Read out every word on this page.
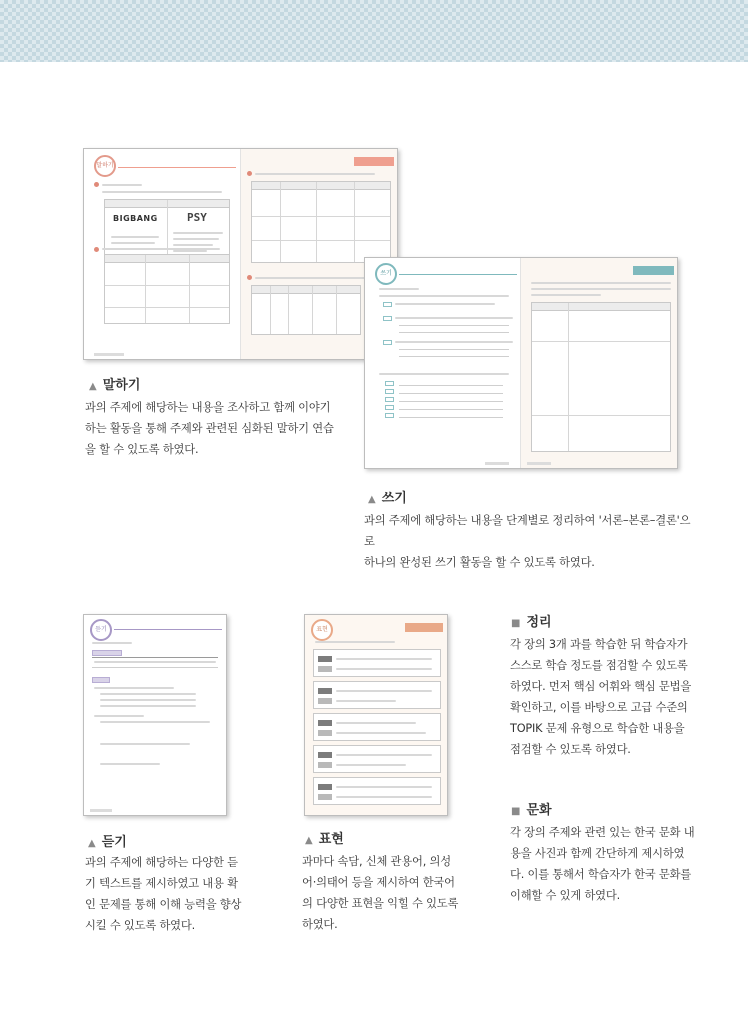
말하기
BIGBANG	PSY
쓰기
듣기	표현
▲ 말하기
과의 주제에 해당하는 내용을 조사하고 함께 이야기
하는 활동을 통해 주제와 관련된 심화된 말하기 연습
을 할 수 있도록 하였다.
▲ 쓰기
과의 주제에 해당하는 내용을 단계별로 정리하여 '서론–본론–결론'으로
하나의 완성된 쓰기 활동을 할 수 있도록 하였다.
■ 정리
각 장의 3개 과를 학습한 뒤 학습자가
스스로 학습 정도를 점검할 수 있도록
하였다. 먼저 핵심 어휘와 핵심 문법을
확인하고, 이를 바탕으로 고급 수준의
TOPIK 문제 유형으로 학습한 내용을
점검할 수 있도록 하였다.
■ 문화
각 장의 주제와 관련 있는 한국 문화 내
용을 사진과 함께 간단하게 제시하였
다. 이를 통해서 학습자가 한국 문화를
이해할 수 있게 하였다.
▲ 듣기
과의 주제에 해당하는 다양한 듣
기 텍스트를 제시하였고 내용 확
인 문제를 통해 이해 능력을 향상
시킬 수 있도록 하였다.
▲ 표현
과마다 속담, 신체 관용어, 의성
어·의태어 등을 제시하여 한국어
의 다양한 표현을 익힐 수 있도록
하였다.
